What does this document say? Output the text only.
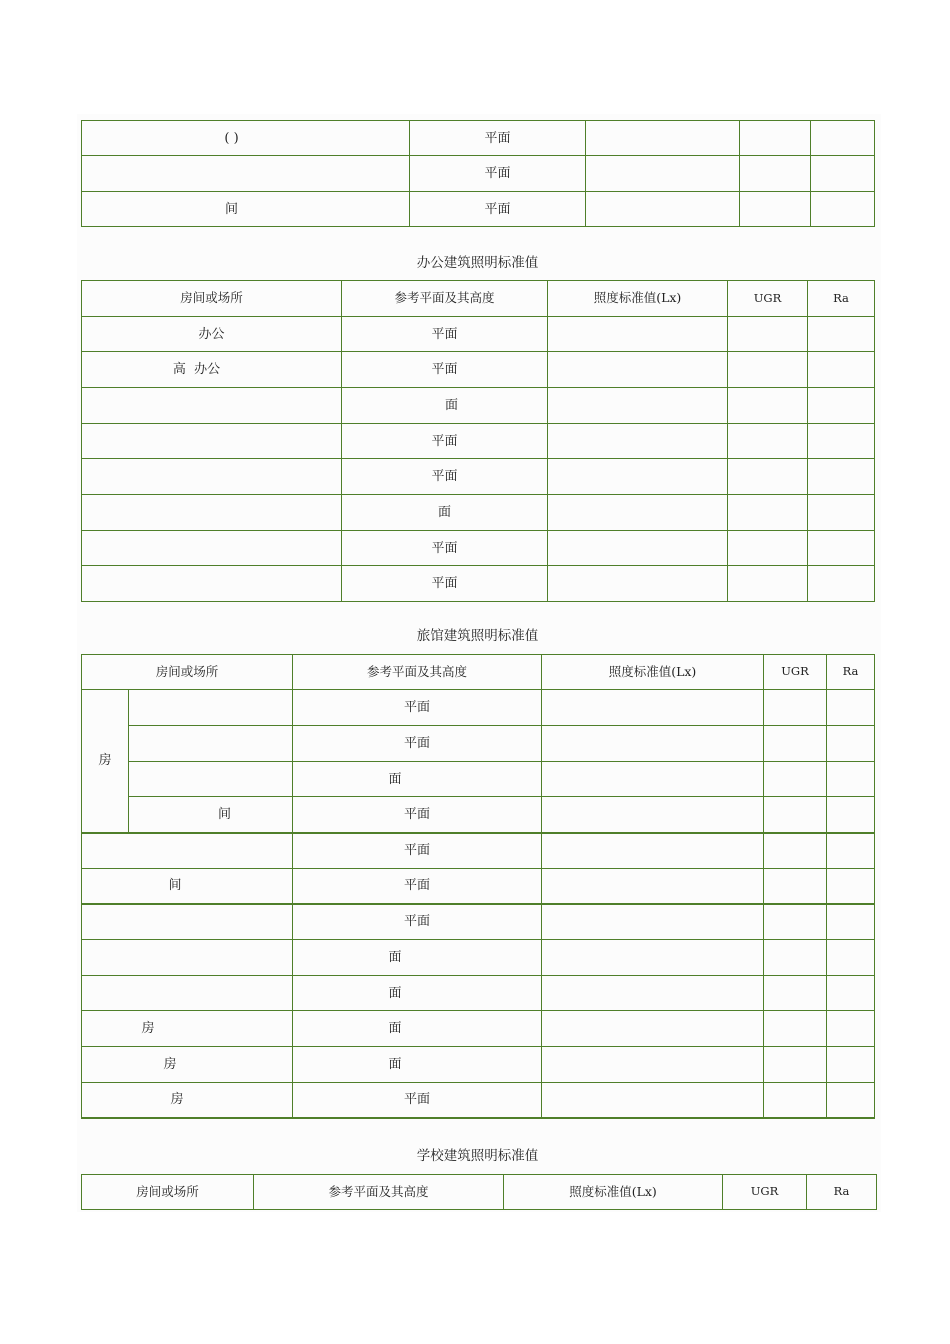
( )	平面			
	平面			
间	平面			
办公建筑照明标准值
房间或场所	参考平面及其高度	照度标准值(Lx)	UGR	Ra
办公	平面			
高  办公	平面			
	面			
	平面			
	平面			
	面			
	平面			
	平面			
旅馆建筑照明标准值
房间或场所		参考平面及其高度	照度标准值(Lx)	UGR	Ra
房		平面			
		平面			
		面			
	间	平面			
		平面			
间		平面			
		平面			
		面			
		面			
房		面			
房		面			
房		平面			
学校建筑照明标准值
房间或场所	参考平面及其高度	照度标准值(Lx)	UGR	Ra
